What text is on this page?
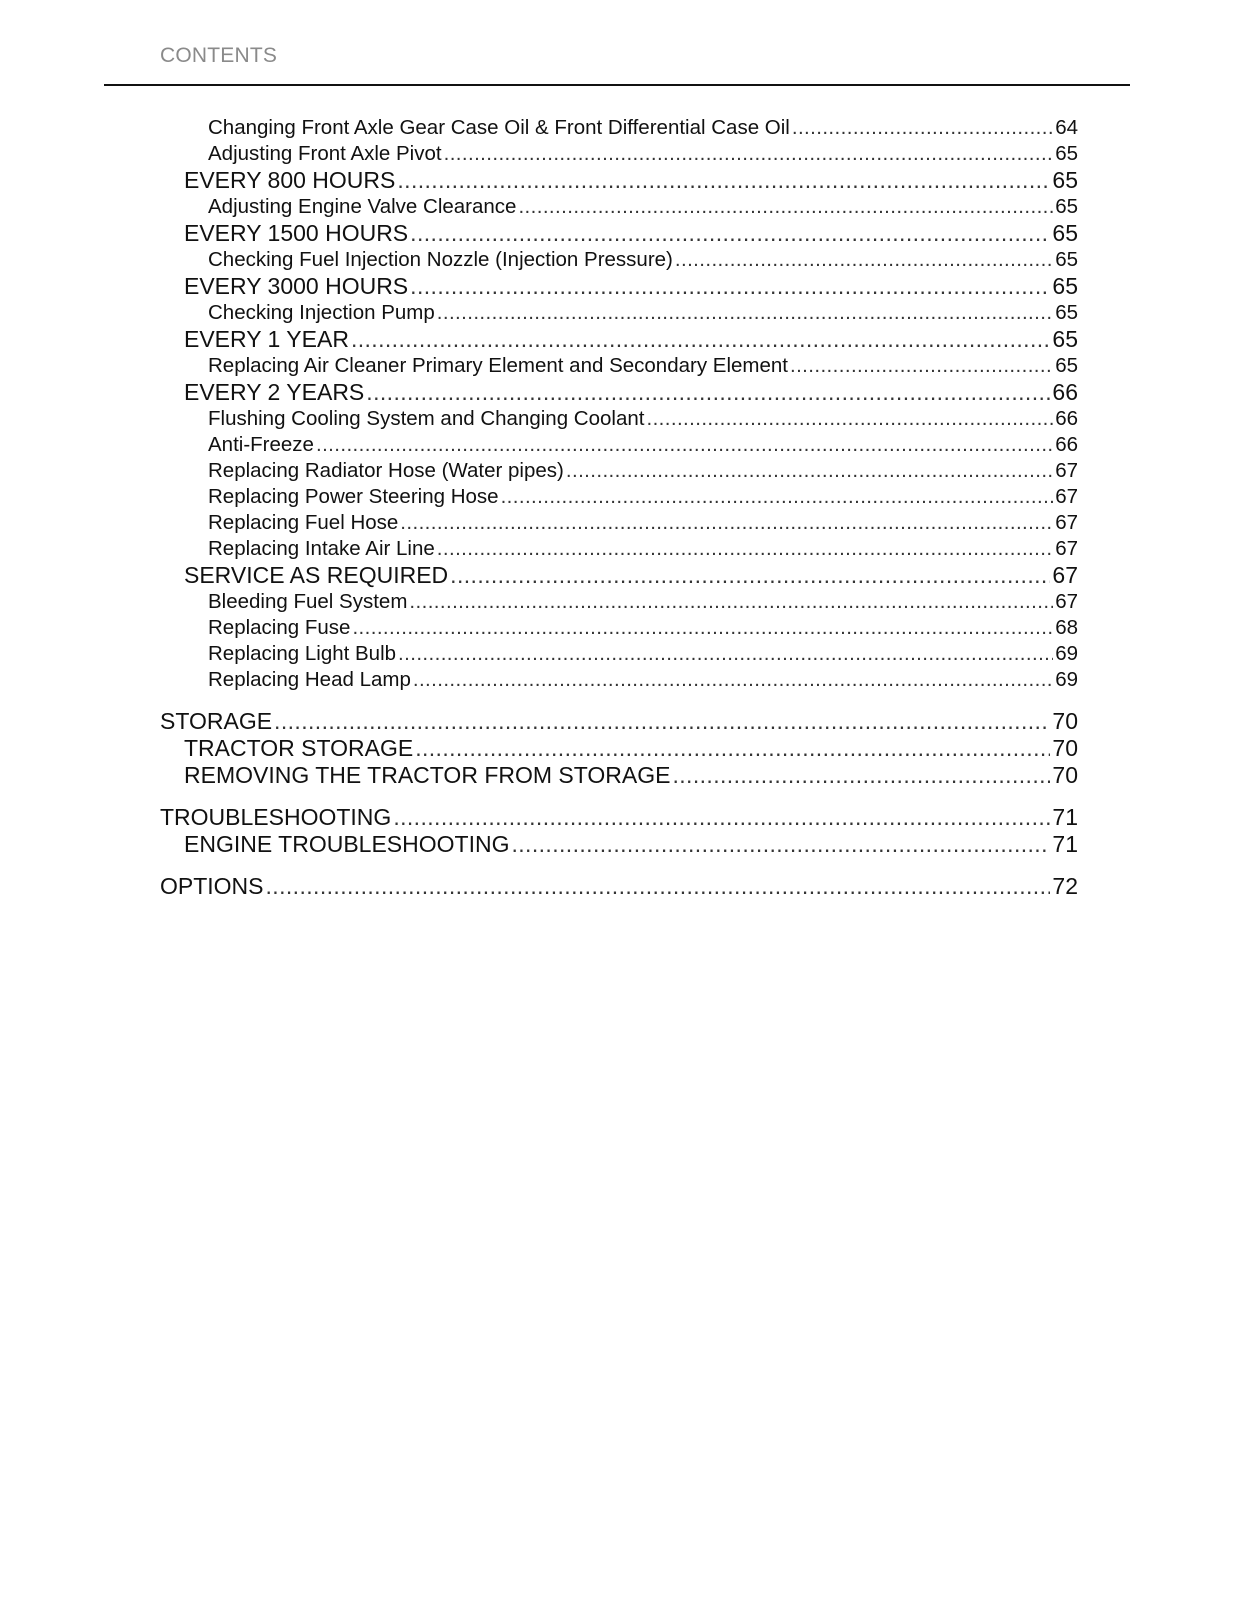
CONTENTS
Changing Front Axle Gear Case Oil & Front Differential Case Oil .....	64
Adjusting Front Axle Pivot .....	65
EVERY 800 HOURS .....	65
Adjusting Engine Valve Clearance .....	65
EVERY 1500 HOURS .....	65
Checking Fuel Injection Nozzle (Injection Pressure) .....	65
EVERY 3000 HOURS .....	65
Checking Injection Pump .....	65
EVERY 1 YEAR .....	65
Replacing Air Cleaner Primary Element and Secondary Element .....	65
EVERY 2 YEARS .....	66
Flushing Cooling System and Changing Coolant .....	66
Anti-Freeze .....	66
Replacing Radiator Hose (Water pipes) .....	67
Replacing Power Steering Hose .....	67
Replacing Fuel Hose .....	67
Replacing Intake Air Line .....	67
SERVICE AS REQUIRED .....	67
Bleeding Fuel System .....	67
Replacing Fuse .....	68
Replacing Light Bulb .....	69
Replacing Head Lamp .....	69
STORAGE .....	70
TRACTOR STORAGE .....	70
REMOVING THE TRACTOR FROM STORAGE .....	70
TROUBLESHOOTING .....	71
ENGINE TROUBLESHOOTING .....	71
OPTIONS .....	72
